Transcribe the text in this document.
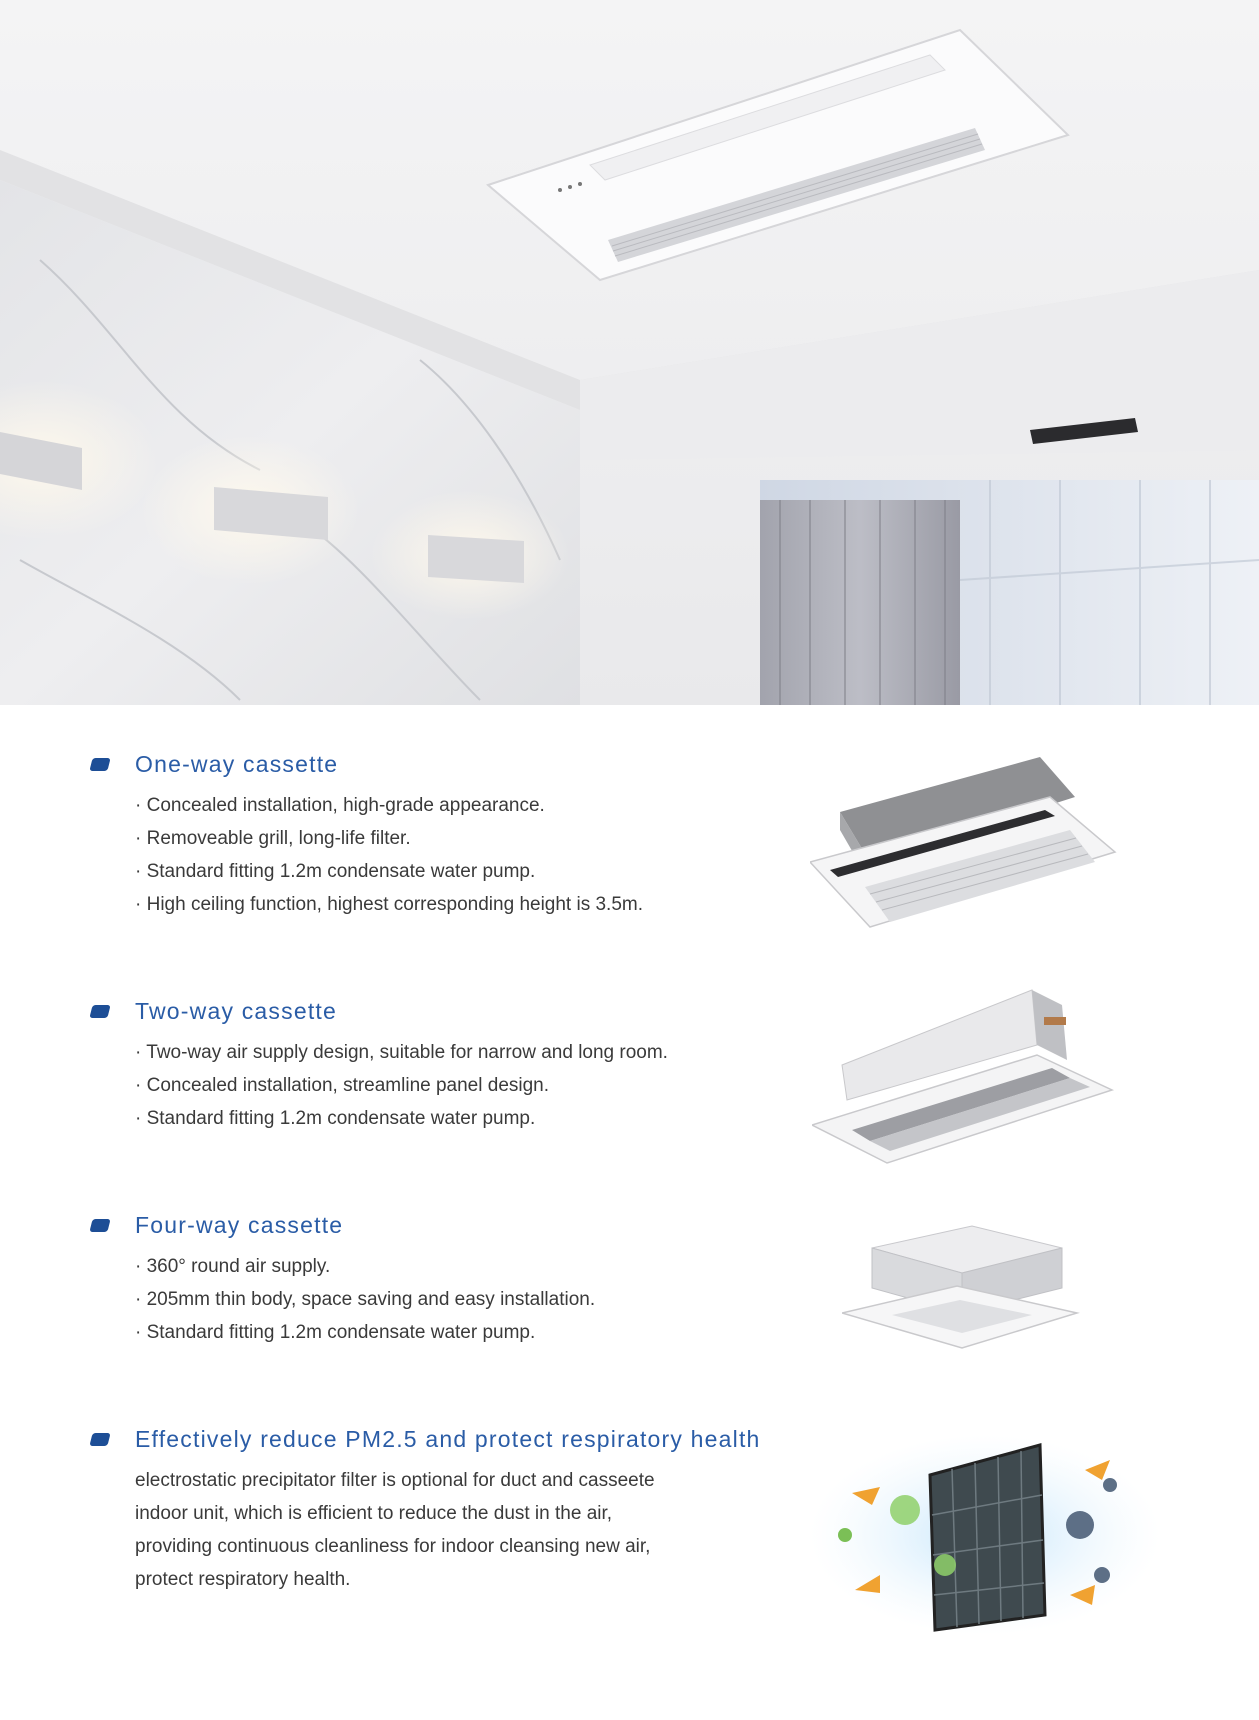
One-way cassette
· Concealed installation, high-grade appearance.
· Removeable grill, long-life filter.
· Standard fitting 1.2m condensate water pump.
· High ceiling function, highest corresponding height is 3.5m.
Two-way cassette
· Two-way air supply design, suitable for narrow and long room.
· Concealed installation, streamline panel design.
· Standard fitting 1.2m condensate water pump.
Four-way cassette
· 360° round air supply.
· 205mm thin body, space saving and easy installation.
· Standard fitting 1.2m condensate water pump.
Effectively reduce PM2.5 and protect respiratory health
electrostatic precipitator filter is optional for duct and casseete
indoor unit, which is efficient to reduce the dust in the air,
providing continuous cleanliness for indoor cleansing new air,
protect respiratory health.
